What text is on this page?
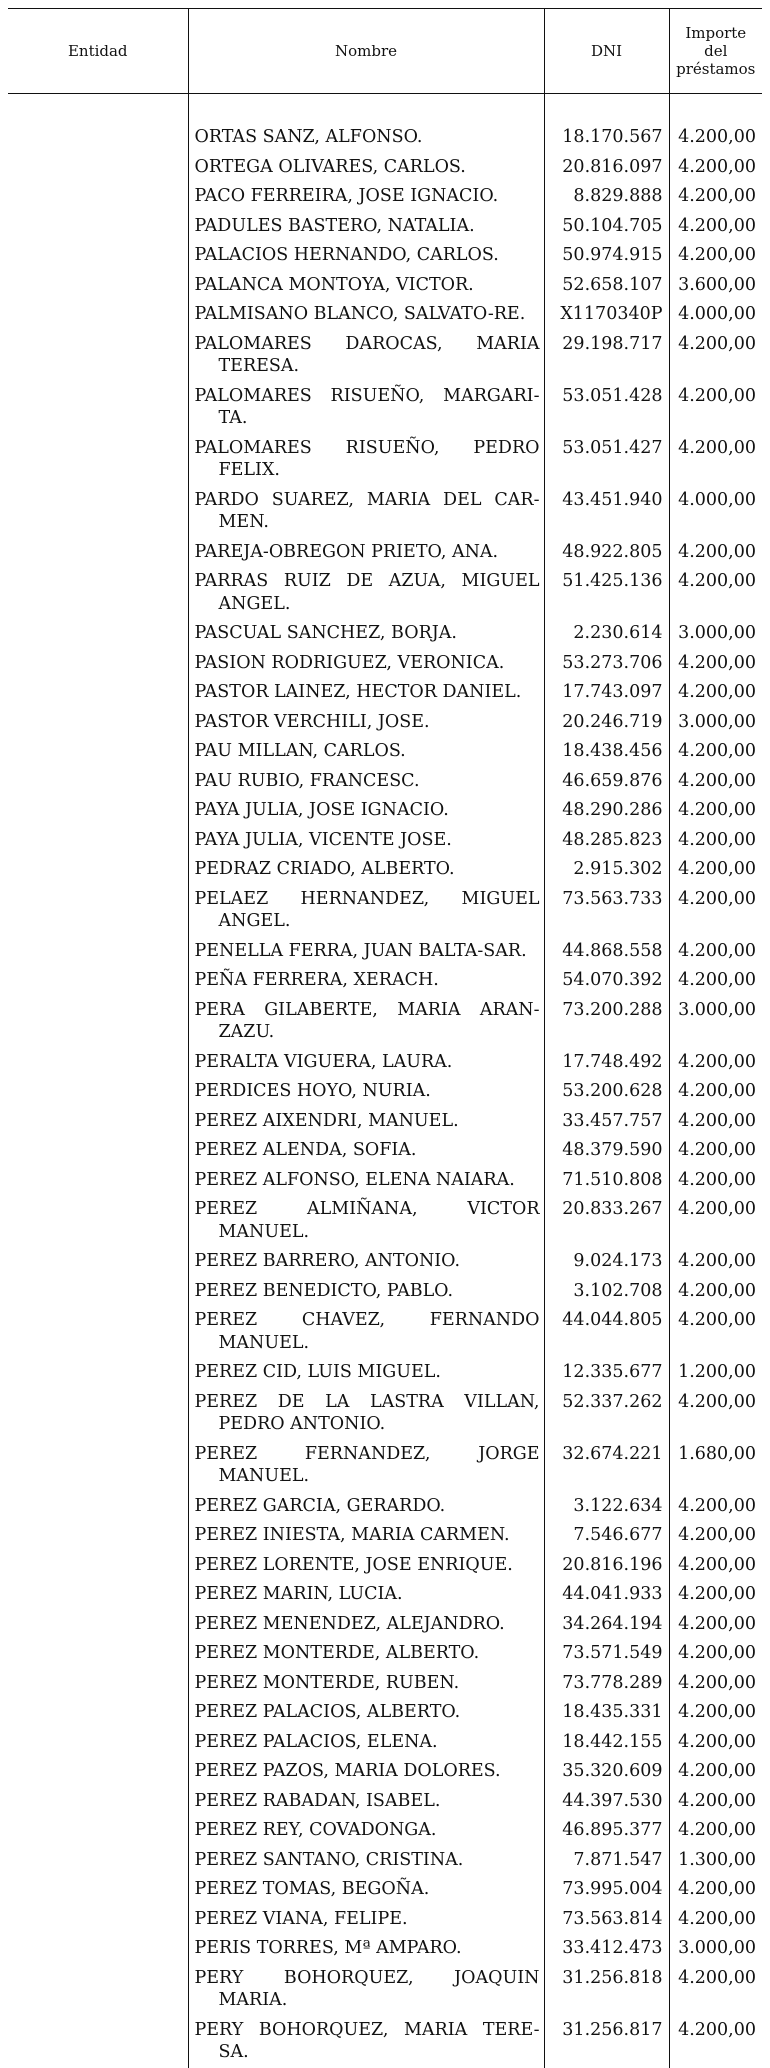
Entidad	Nombre	DNI	Importe
del
préstamos

	ORTAS SANZ, ALFONSO.	18.170.567	4.200,00

	ORTEGA OLIVARES, CARLOS.	20.816.097	4.200,00

	PACO FERREIRA, JOSE IGNACIO.	8.829.888	4.200,00

	PADULES BASTERO, NATALIA.	50.104.705	4.200,00

	PALACIOS HERNANDO, CARLOS.	50.974.915	4.200,00

	PALANCA MONTOYA, VICTOR.	52.658.107	3.600,00

	PALMISANO BLANCO, SALVATO-RE.	X1170340P	4.000,00

	PALOMARES DAROCAS, MARIA TERESA.	29.198.717	4.200,00

	PALOMARES RISUEÑO, MARGARI-TA.	53.051.428	4.200,00

	PALOMARES RISUEÑO, PEDRO FELIX.	53.051.427	4.200,00

	PARDO SUAREZ, MARIA DEL CAR-MEN.	43.451.940	4.000,00

	PAREJA-OBREGON PRIETO, ANA.	48.922.805	4.200,00

	PARRAS RUIZ DE AZUA, MIGUEL ANGEL.	51.425.136	4.200,00

	PASCUAL SANCHEZ, BORJA.	2.230.614	3.000,00

	PASION RODRIGUEZ, VERONICA.	53.273.706	4.200,00

	PASTOR LAINEZ, HECTOR DANIEL.	17.743.097	4.200,00

	PASTOR VERCHILI, JOSE.	20.246.719	3.000,00

	PAU MILLAN, CARLOS.	18.438.456	4.200,00

	PAU RUBIO, FRANCESC.	46.659.876	4.200,00

	PAYA JULIA, JOSE IGNACIO.	48.290.286	4.200,00

	PAYA JULIA, VICENTE JOSE.	48.285.823	4.200,00

	PEDRAZ CRIADO, ALBERTO.	2.915.302	4.200,00

	PELAEZ HERNANDEZ, MIGUEL ANGEL.	73.563.733	4.200,00

	PENELLA FERRA, JUAN BALTA-SAR.	44.868.558	4.200,00

	PEÑA FERRERA, XERACH.	54.070.392	4.200,00

	PERA GILABERTE, MARIA ARAN-ZAZU.	73.200.288	3.000,00

	PERALTA VIGUERA, LAURA.	17.748.492	4.200,00

	PERDICES HOYO, NURIA.	53.200.628	4.200,00

	PEREZ AIXENDRI, MANUEL.	33.457.757	4.200,00

	PEREZ ALENDA, SOFIA.	48.379.590	4.200,00

	PEREZ ALFONSO, ELENA NAIARA.	71.510.808	4.200,00

	PEREZ ALMIÑANA, VICTOR MANUEL.	20.833.267	4.200,00

	PEREZ BARRERO, ANTONIO.	9.024.173	4.200,00

	PEREZ BENEDICTO, PABLO.	3.102.708	4.200,00

	PEREZ CHAVEZ, FERNANDO MANUEL.	44.044.805	4.200,00

	PEREZ CID, LUIS MIGUEL.	12.335.677	1.200,00

	PEREZ DE LA LASTRA VILLAN, PEDRO ANTONIO.	52.337.262	4.200,00

	PEREZ FERNANDEZ, JORGE MANUEL.	32.674.221	1.680,00

	PEREZ GARCIA, GERARDO.	3.122.634	4.200,00

	PEREZ INIESTA, MARIA CARMEN.	7.546.677	4.200,00

	PEREZ LORENTE, JOSE ENRIQUE.	20.816.196	4.200,00

	PEREZ MARIN, LUCIA.	44.041.933	4.200,00

	PEREZ MENENDEZ, ALEJANDRO.	34.264.194	4.200,00

	PEREZ MONTERDE, ALBERTO.	73.571.549	4.200,00

	PEREZ MONTERDE, RUBEN.	73.778.289	4.200,00

	PEREZ PALACIOS, ALBERTO.	18.435.331	4.200,00

	PEREZ PALACIOS, ELENA.	18.442.155	4.200,00

	PEREZ PAZOS, MARIA DOLORES.	35.320.609	4.200,00

	PEREZ RABADAN, ISABEL.	44.397.530	4.200,00

	PEREZ REY, COVADONGA.	46.895.377	4.200,00

	PEREZ SANTANO, CRISTINA.	7.871.547	1.300,00

	PEREZ TOMAS, BEGOÑA.	73.995.004	4.200,00

	PEREZ VIANA, FELIPE.	73.563.814	4.200,00

	PERIS TORRES, Mª AMPARO.	33.412.473	3.000,00

	PERY BOHORQUEZ, JOAQUIN MARIA.	31.256.818	4.200,00

	PERY BOHORQUEZ, MARIA TERE-SA.	31.256.817	4.200,00
